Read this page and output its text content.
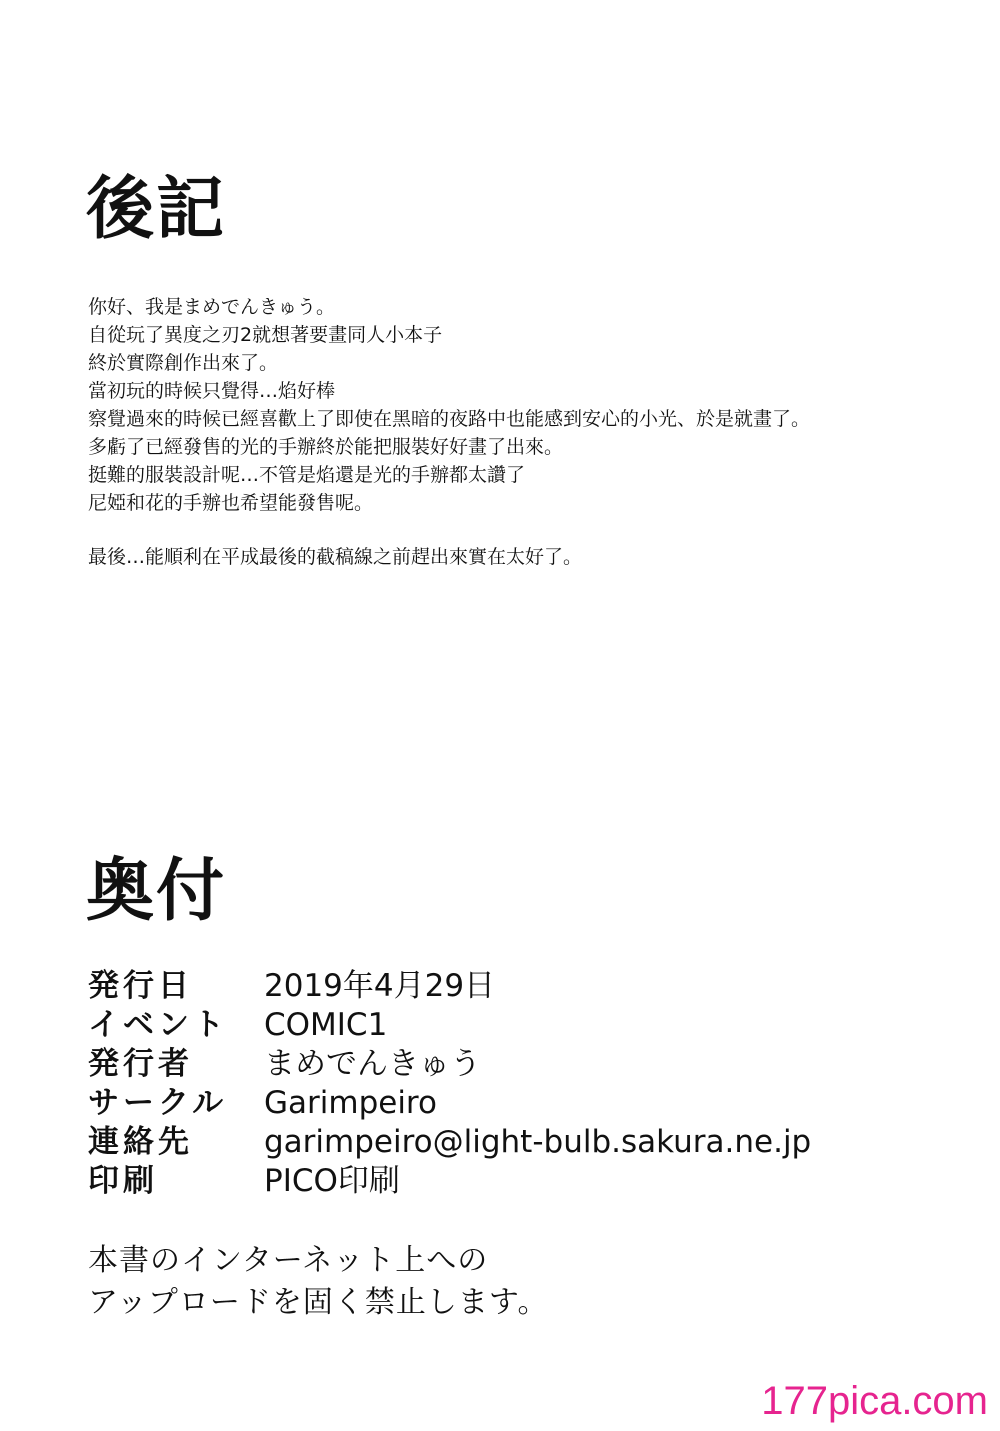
後記
你好、我是まめでんきゅう。
自從玩了異度之刃2就想著要畫同人小本子
終於實際創作出來了。
當初玩的時候只覺得…焰好棒
察覺過來的時候已經喜歡上了即使在黑暗的夜路中也能感到安心的小光、於是就畫了。
多虧了已經發售的光的手辦終於能把服裝好好畫了出來。
挺難的服裝設計呢…不管是焰還是光的手辦都太讚了
尼婭和花的手辦也希望能發售呢。
最後…能順利在平成最後的截稿線之前趕出來實在太好了。
奥付
発行日	2019年4月29日
イベント	COMIC1
発行者	まめでんきゅう
サークル	Garimpeiro
連絡先	garimpeiro@light-bulb.sakura.ne.jp
印刷	PICO印刷
本書のインターネット上への
アップロードを固く禁止します。
177pica.com
